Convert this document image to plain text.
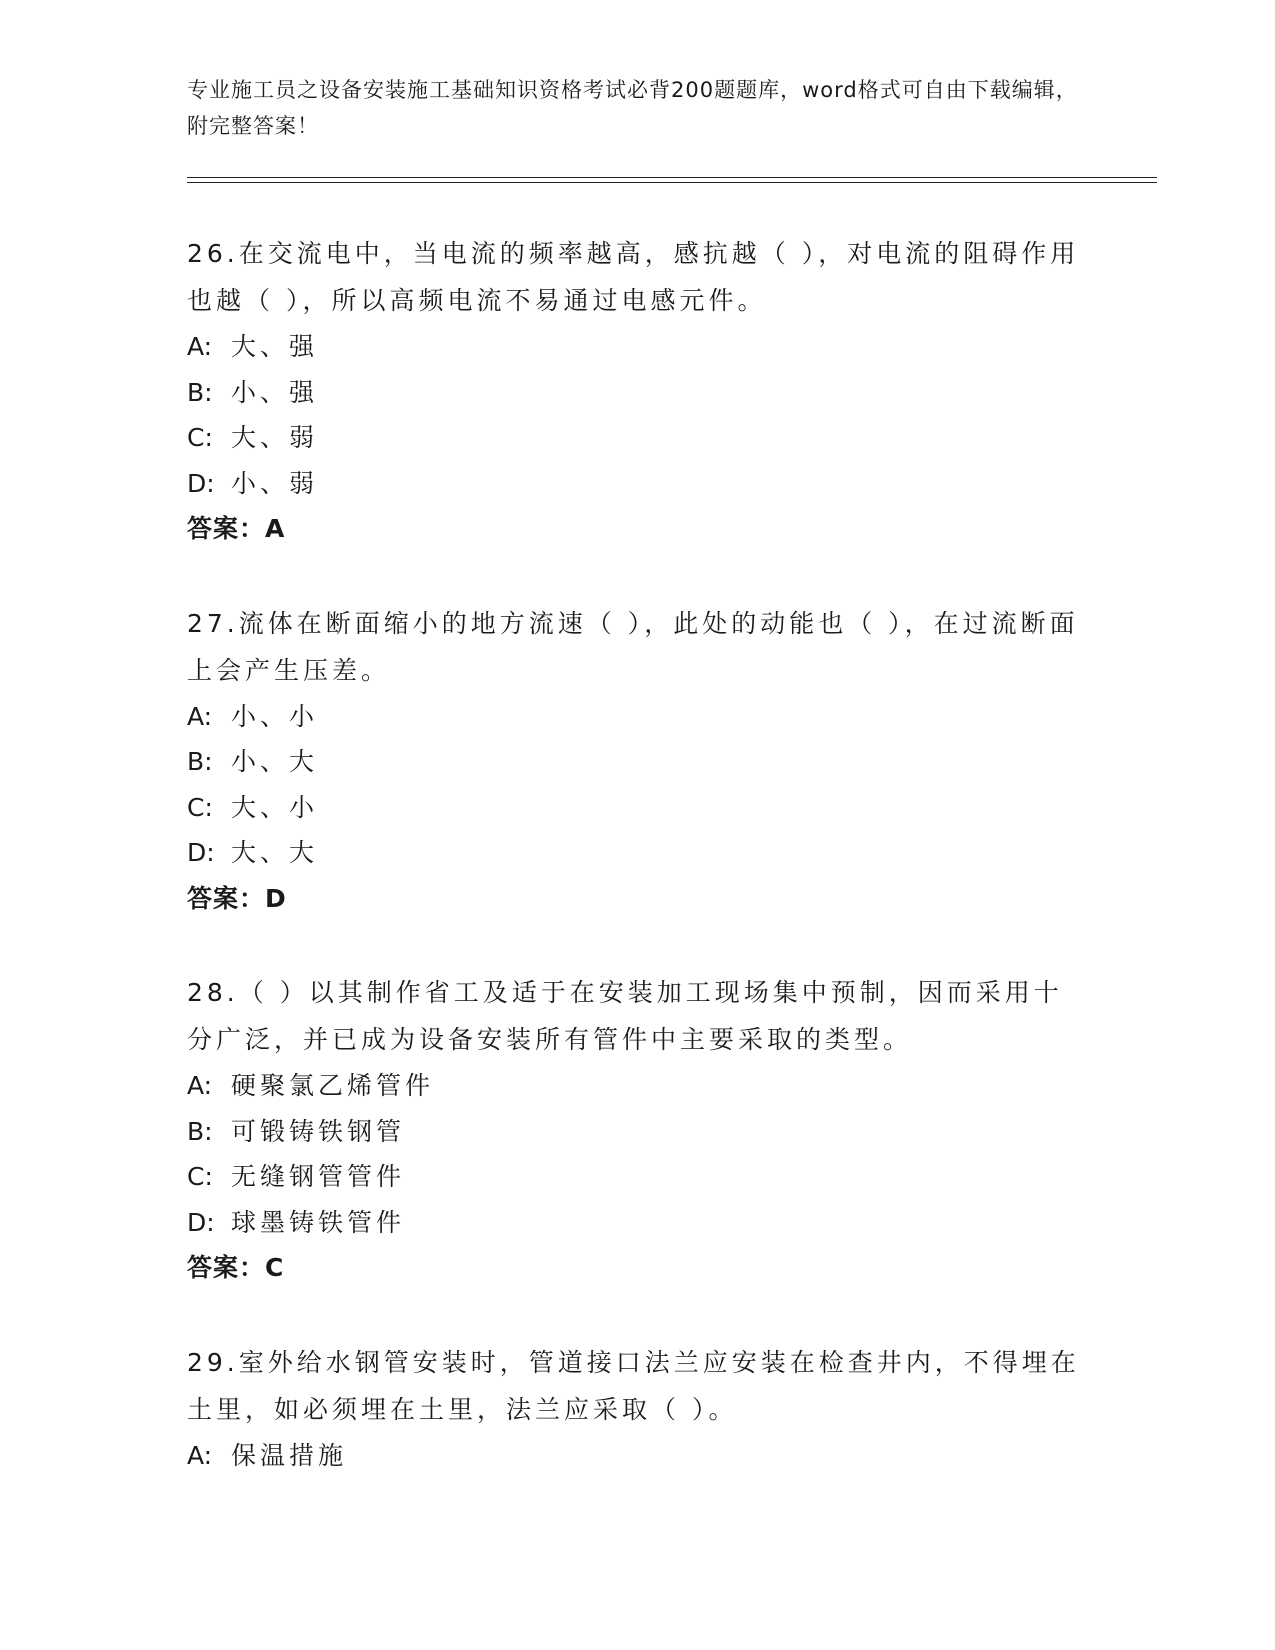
专业施工员之设备安装施工基础知识资格考试必背200题题库，word格式可自由下载编辑，附完整答案！

26.在交流电中，当电流的频率越高，感抗越（ ），对电流的阻碍作用也越（ ），所以高频电流不易通过电感元件。

A: 大、强

B: 小、强

C: 大、弱

D: 小、弱

答案：A

27.流体在断面缩小的地方流速（ ），此处的动能也（ ），在过流断面上会产生压差。

A: 小、小

B: 小、大

C: 大、小

D: 大、大

答案：D

28.（ ）以其制作省工及适于在安装加工现场集中预制，因而采用十分广泛，并已成为设备安装所有管件中主要采取的类型。

A: 硬聚氯乙烯管件

B: 可锻铸铁钢管

C: 无缝钢管管件

D: 球墨铸铁管件

答案：C

29.室外给水钢管安装时，管道接口法兰应安装在检查井内，不得埋在土里，如必须埋在土里，法兰应采取（ ）。

A: 保温措施
